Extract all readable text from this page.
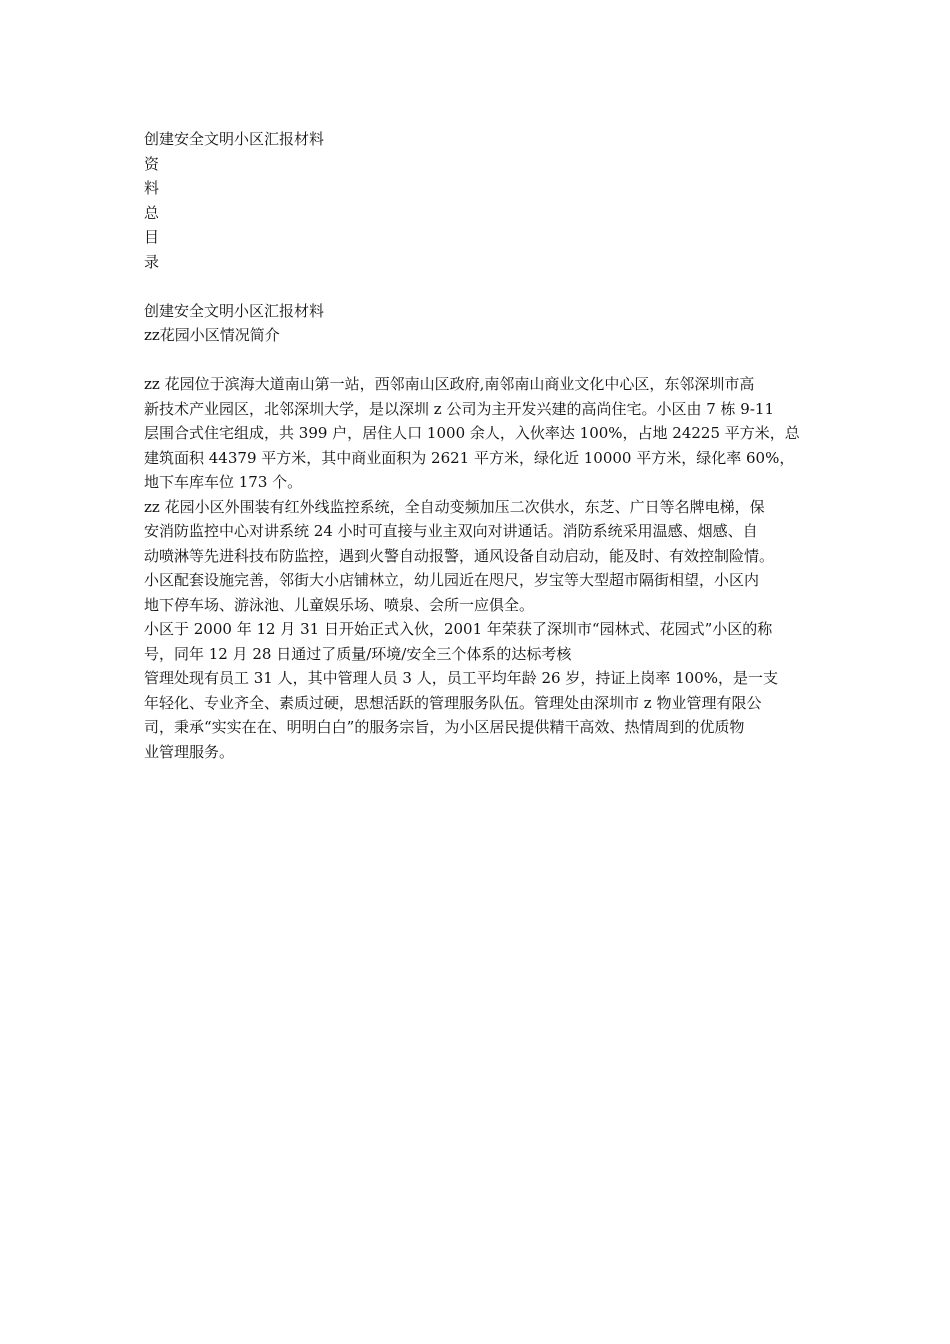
创建安全文明小区汇报材料
资
料
总
目
录
创建安全文明小区汇报材料
zz花园小区情况简介
zz 花园位于滨海大道南山第一站，西邻南山区政府,南邻南山商业文化中心区，东邻深圳市高
新技术产业园区，北邻深圳大学，是以深圳 z 公司为主开发兴建的高尚住宅。小区由 7 栋 9-11
层围合式住宅组成，共 399 户，居住人口 1000 余人，入伙率达 100%，占地 24225 平方米，总
建筑面积 44379 平方米，其中商业面积为 2621 平方米，绿化近 10000 平方米，绿化率 60%，
地下车库车位 173 个。
zz 花园小区外围装有红外线监控系统，全自动变频加压二次供水，东芝、广日等名牌电梯，保
安消防监控中心对讲系统 24 小时可直接与业主双向对讲通话。消防系统采用温感、烟感、自
动喷淋等先进科技布防监控，遇到火警自动报警，通风设备自动启动，能及时、有效控制险情。
小区配套设施完善，邻街大小店铺林立，幼儿园近在咫尺，岁宝等大型超市隔街相望，小区内
地下停车场、游泳池、儿童娱乐场、喷泉、会所一应俱全。
小区于 2000 年 12 月 31 日开始正式入伙，2001 年荣获了深圳市“园林式、花园式”小区的称
号，同年 12 月 28 日通过了质量/环境/安全三个体系的达标考核
管理处现有员工 31 人，其中管理人员 3 人，员工平均年龄 26 岁，持证上岗率 100%，是一支
年轻化、专业齐全、素质过硬，思想活跃的管理服务队伍。管理处由深圳市 z 物业管理有限公
司，秉承“实实在在、明明白白”的服务宗旨，为小区居民提供精干高效、热情周到的优质物
业管理服务。
